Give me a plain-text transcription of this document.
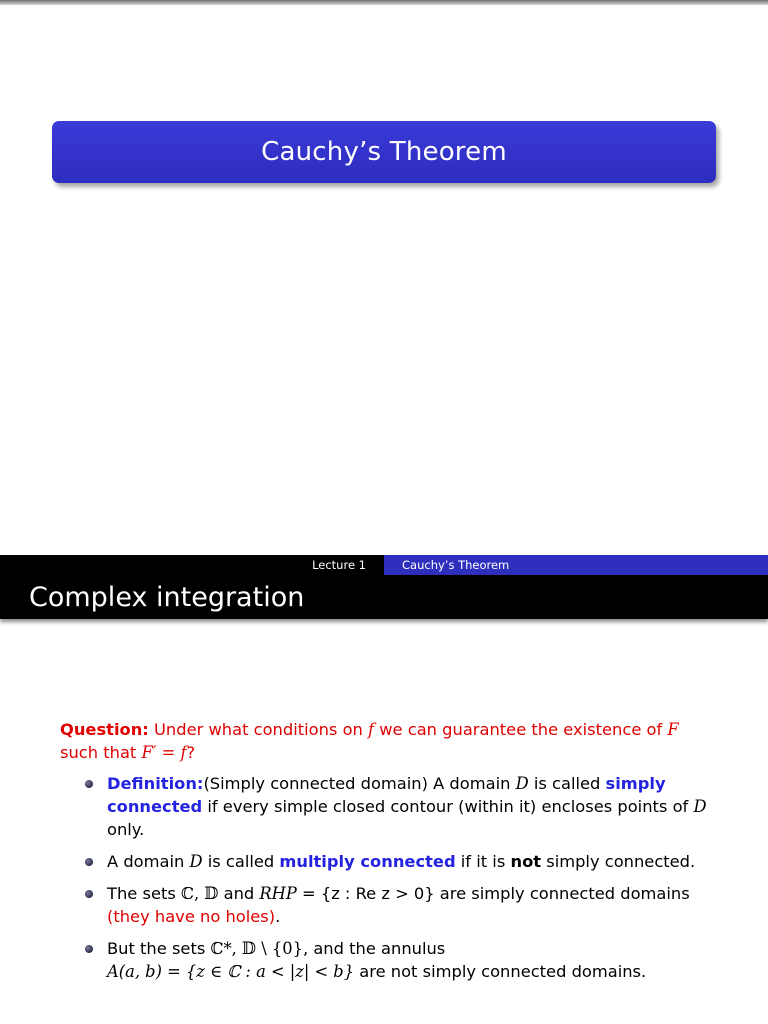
Cauchy’s Theorem
Lecture 1	Cauchy’s Theorem
Complex integration
Question: Under what conditions on f we can guarantee the existence of F such that F′ = f?
Definition:(Simply connected domain) A domain D is called simply connected if every simple closed contour (within it) encloses points of D only.
A domain D is called multiply connected if it is not simply connected.
The sets ℂ, 𝔻 and RHP = {z : Re z > 0} are simply connected domains (they have no holes).
But the sets ℂ*, 𝔻 \ {0}, and the annulus
A(a, b) = {z ∈ ℂ : a < |z| < b} are not simply connected domains.
